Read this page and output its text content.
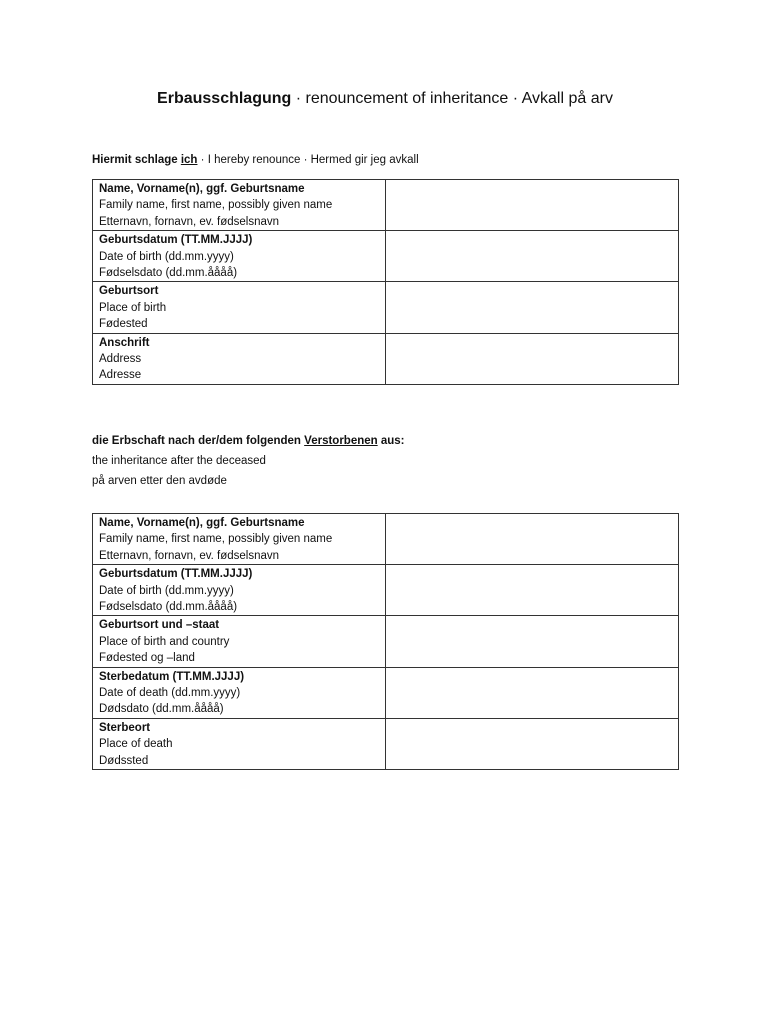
Erbausschlagung · renouncement of inheritance · Avkall på arv
Hiermit schlage ich · I hereby renounce · Hermed gir jeg avkall
Name, Vorname(n), ggf. Geburtsname
Family name, first name, possibly given name
Etternavn, fornavn, ev. fødselsnavn	

Geburtsdatum (TT.MM.JJJJ)
Date of birth (dd.mm.yyyy)
Fødselsdato (dd.mm.åååå)	

Geburtsort
Place of birth
Fødested	

Anschrift
Address
Adresse	

die Erbschaft nach der/dem folgenden Verstorbenen aus:
the inheritance after the deceased
på arven etter den avdøde
Name, Vorname(n), ggf. Geburtsname
Family name, first name, possibly given name
Etternavn, fornavn, ev. fødselsnavn	

Geburtsdatum (TT.MM.JJJJ)
Date of birth (dd.mm.yyyy)
Fødselsdato (dd.mm.åååå)	

Geburtsort und –staat
Place of birth and country
Fødested og –land	

Sterbedatum (TT.MM.JJJJ)
Date of death (dd.mm.yyyy)
Dødsdato (dd.mm.åååå)	

Sterbeort
Place of death
Dødssted	
